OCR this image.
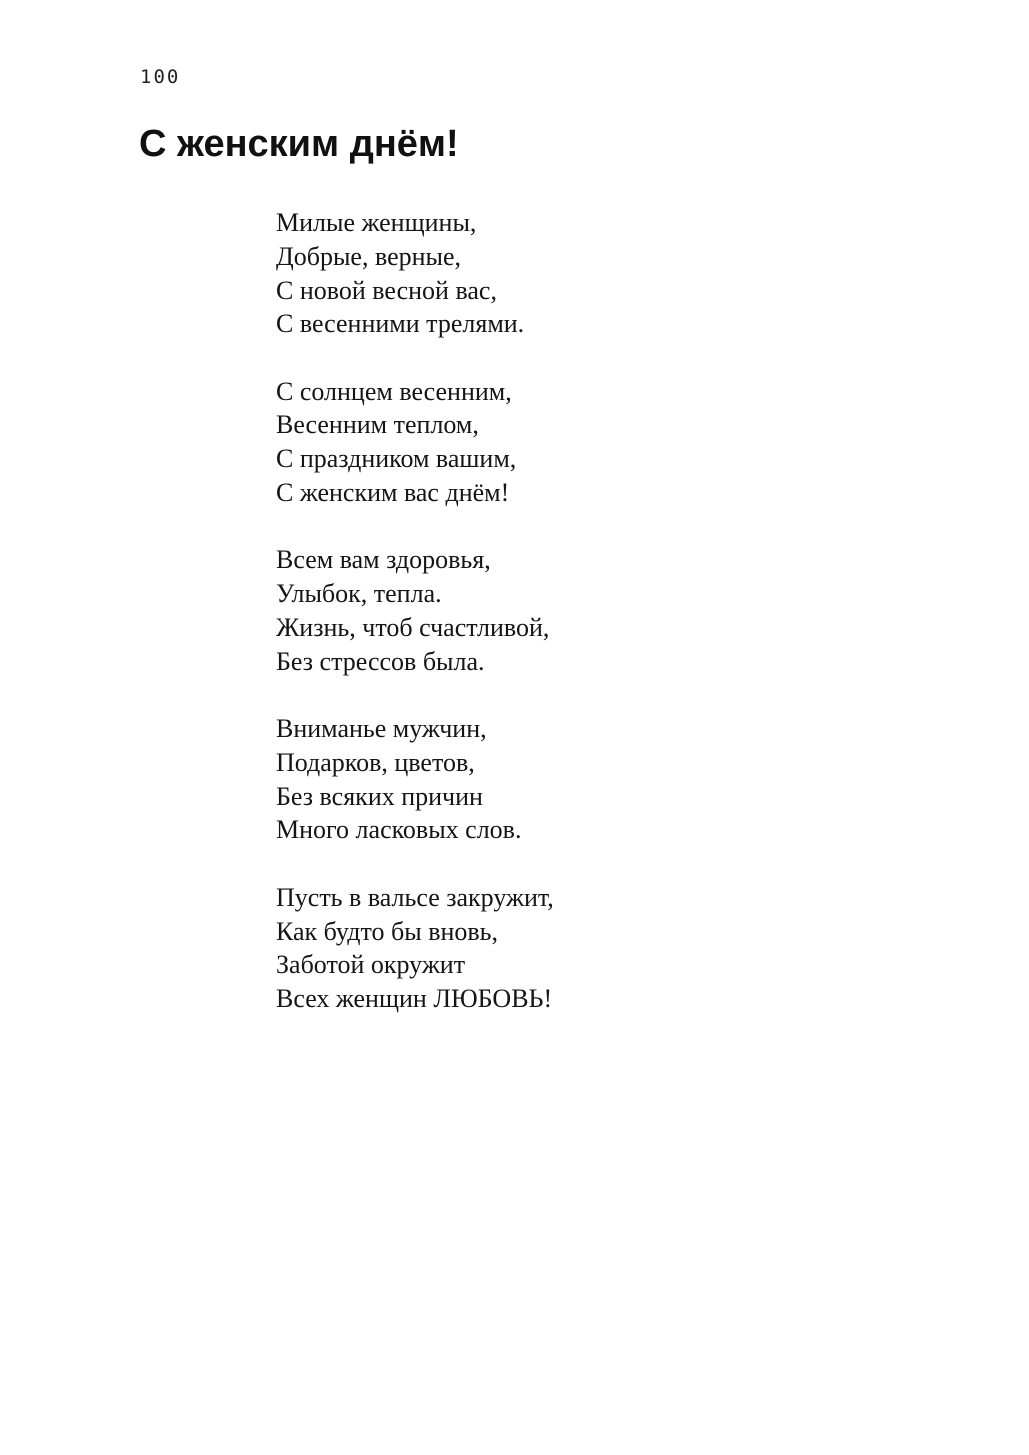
100
С женским днём!
Милые женщины,
Добрые, верные,
С новой весной вас,
С весенними трелями.
С солнцем весенним,
Весенним теплом,
С праздником вашим,
С женским вас днём!
Всем вам здоровья,
Улыбок, тепла.
Жизнь, чтоб счастливой,
Без стрессов была.
Вниманье мужчин,
Подарков, цветов,
Без всяких причин
Много ласковых слов.
Пусть в вальсе закружит,
Как будто бы вновь,
Заботой окружит
Всех женщин ЛЮБОВЬ!
